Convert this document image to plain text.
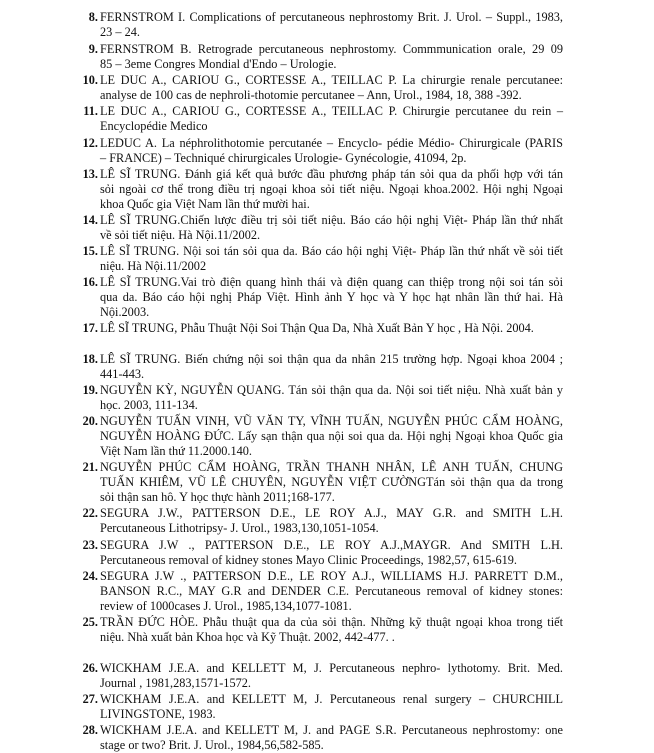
8. FERNSTROM I. Complications of percutaneous nephrostomy Brit. J. Urol. – Suppl., 1983,
23 – 24.
9. FERNSTROM B. Retrograde percutaneous nephrostomy. Commmunication orale, 29 09
85 – 3eme Congres Mondial d'Endo – Urologie.
10. LE DUC A., CARIOU G., CORTESSE A., TEILLAC P. La chirurgie renale percutanee:
analyse de 100 cas de nephroli-thotomie percutanee – Ann, Urol., 1984, 18, 388 -392.
11. LE DUC A., CARIOU G., CORTESSE A., TEILLAC P. Chirurgie percutanee du rein –
Encyclopédie Medico
12. LEDUC A. La néphrolithotomie percutanée – Encyclo- pédie Médio- Chirurgicale (PARIS
– FRANCE) – Techniqué chirurgicales Urologie- Gynécologie, 41094, 2p.
13. LÊ SĨ TRUNG. Đánh giá kết quả bước đầu phương pháp tán sỏi qua da phối hợp với tán
sỏi ngoài cơ thể trong điều trị ngoại khoa sỏi tiết niệu. Ngoại khoa.2002. Hội nghị Ngoại
khoa Quốc gia Việt Nam lần thứ mười hai.
14. LÊ SĨ TRUNG.Chiến lược điều trị sỏi tiết niệu. Báo cáo hội nghị Việt- Pháp lần thứ nhất
về sỏi tiết niệu. Hà Nội.11/2002.
15. LÊ SĨ TRUNG. Nội soi tán sỏi qua da. Báo cáo hội nghị Việt- Pháp lần thứ nhất về sỏi tiết
niệu. Hà Nội.11/2002
16. LÊ SĨ TRUNG.Vai trò điện quang hình thái và điện quang can thiệp trong nội soi tán sỏi
qua da. Báo cáo hội nghị Pháp Việt. Hình ảnh Y học và Y học hạt nhân lần thứ hai. Hà
Nội.2003.
17. LÊ SĨ TRUNG, Phẫu Thuật Nội Soi Thận Qua Da, Nhà Xuất Bản Y học , Hà Nội. 2004.
18. LÊ SĨ TRUNG. Biến chứng nội soi thận qua da nhân 215 trường hợp. Ngoại khoa 2004 ;
441-443.
19. NGUYỄN KỲ, NGUYỄN QUANG. Tán sỏi thận qua da. Nội soi tiết niệu. Nhà xuất bản y
học. 2003, 111-134.
20. NGUYỄN TUẤN VINH, VŨ VĂN TY, VĨNH TUẤN, NGUYỄN PHÚC CẨM HOÀNG,
NGUYỄN HOÀNG ĐỨC. Lấy sạn thận qua nội soi qua da. Hội nghị Ngoại khoa Quốc gia
Việt Nam lần thứ 11.2000.140.
21. NGUYỄN PHÚC CẨM HOÀNG, TRẦN THANH NHÂN, LÊ ANH TUẤN, CHUNG
TUẤN KHIÊM, VŨ LÊ CHUYÊN, NGUYỄN VIỆT CƯỜNGTán sỏi thận qua da trong
sỏi thận san hô. Y học thực hành 2011;168-177.
22. SEGURA J.W., PATTERSON D.E., LE ROY A.J., MAY G.R. and SMITH L.H.
Percutaneous Lithotripsy- J. Urol., 1983,130,1051-1054.
23. SEGURA J.W ., PATTERSON D.E., LE ROY A.J.,MAYGR. And SMITH L.H.
Percutaneous removal of kidney stones Mayo Clinic Proceedings, 1982,57, 615-619.
24. SEGURA J.W ., PATTERSON D.E., LE ROY A.J., WILLIAMS H.J. PARRETT D.M.,
BANSON R.C., MAY G.R and DENDER C.E. Percutaneous removal of kidney stones:
review of 1000cases J. Urol., 1985,134,1077-1081.
25. TRẦN ĐỨC HÒE. Phẫu thuật qua da của sỏi thận. Những kỹ thuật ngoại khoa trong tiết
niệu. Nhà xuất bản Khoa học và Kỹ Thuật. 2002, 442-477. .
26. WICKHAM J.E.A. and KELLETT M, J. Percutaneous nephro- lythotomy. Brit. Med.
Journal , 1981,283,1571-1572.
27. WICKHAM J.E.A. and KELLETT M, J. Percutaneous renal surgery – CHURCHILL
LIVINGSTONE, 1983.
28. WICKHAM J.E.A. and KELLETT M, J. and PAGE S.R. Percutaneous nephrostomy: one
stage or two? Brit. J. Urol., 1984,56,582-585.
